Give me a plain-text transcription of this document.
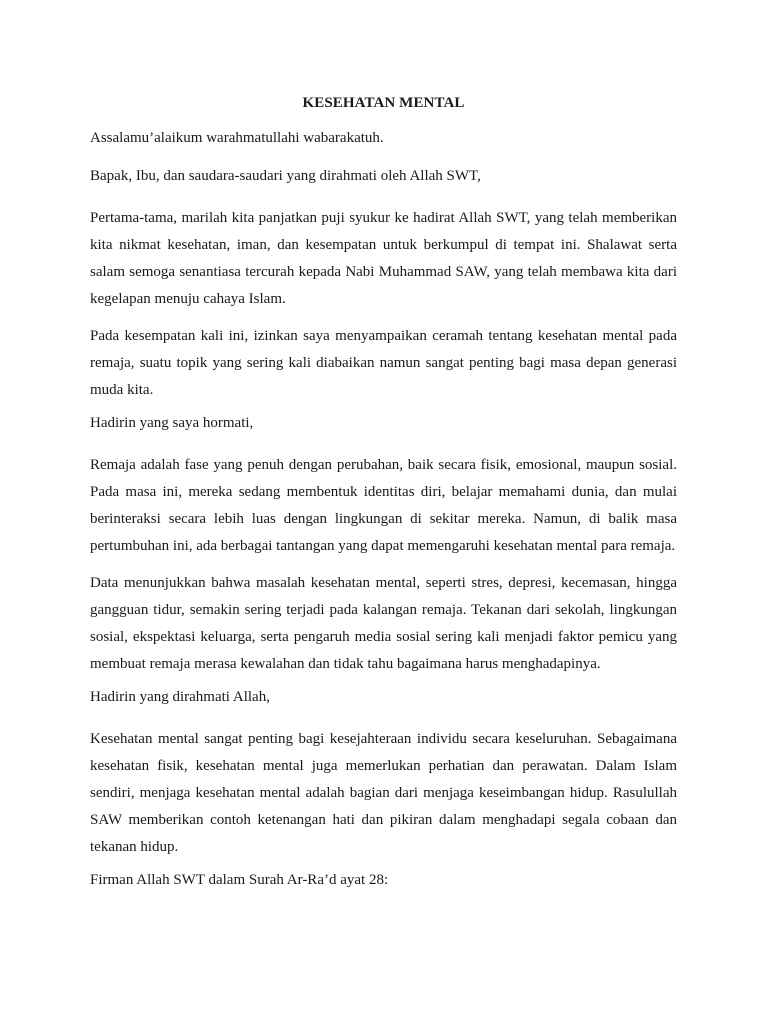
KESEHATAN MENTAL

Assalamu’alaikum warahmatullahi wabarakatuh.

Bapak, Ibu, dan saudara-saudari yang dirahmati oleh Allah SWT,

Pertama-tama, marilah kita panjatkan puji syukur ke hadirat Allah SWT, yang telah memberikan kita nikmat kesehatan, iman, dan kesempatan untuk berkumpul di tempat ini. Shalawat serta salam semoga senantiasa tercurah kepada Nabi Muhammad SAW, yang telah membawa kita dari kegelapan menuju cahaya Islam.

Pada kesempatan kali ini, izinkan saya menyampaikan ceramah tentang kesehatan mental pada remaja, suatu topik yang sering kali diabaikan namun sangat penting bagi masa depan generasi muda kita.

Hadirin yang saya hormati,

Remaja adalah fase yang penuh dengan perubahan, baik secara fisik, emosional, maupun sosial. Pada masa ini, mereka sedang membentuk identitas diri, belajar memahami dunia, dan mulai berinteraksi secara lebih luas dengan lingkungan di sekitar mereka. Namun, di balik masa pertumbuhan ini, ada berbagai tantangan yang dapat memengaruhi kesehatan mental para remaja.

Data menunjukkan bahwa masalah kesehatan mental, seperti stres, depresi, kecemasan, hingga gangguan tidur, semakin sering terjadi pada kalangan remaja. Tekanan dari sekolah, lingkungan sosial, ekspektasi keluarga, serta pengaruh media sosial sering kali menjadi faktor pemicu yang membuat remaja merasa kewalahan dan tidak tahu bagaimana harus menghadapinya.

Hadirin yang dirahmati Allah,

Kesehatan mental sangat penting bagi kesejahteraan individu secara keseluruhan. Sebagaimana kesehatan fisik, kesehatan mental juga memerlukan perhatian dan perawatan. Dalam Islam sendiri, menjaga kesehatan mental adalah bagian dari menjaga keseimbangan hidup. Rasulullah SAW memberikan contoh ketenangan hati dan pikiran dalam menghadapi segala cobaan dan tekanan hidup.

Firman Allah SWT dalam Surah Ar-Ra’d ayat 28:
